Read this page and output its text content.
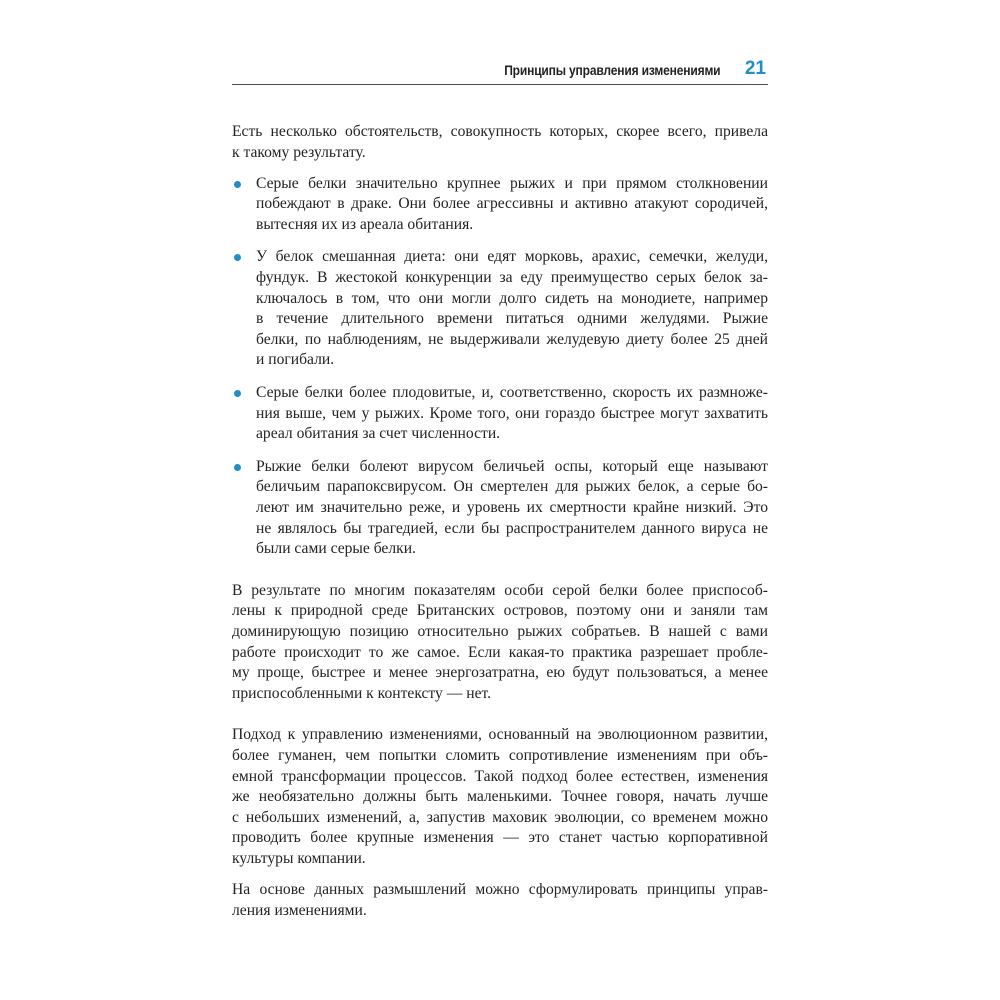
Принципы управления изменениями 21

Есть несколько обстоятельств, совокупность которых, скорее всего, привела
к такому результату.

Серые белки значительно крупнее рыжих и при прямом столкновении
побеждают в драке. Они более агрессивны и активно атакуют сородичей,
вытесняя их из ареала обитания.
У белок смешанная диета: они едят морковь, арахис, семечки, желуди,
фундук. В жестокой конкуренции за еду преимущество серых белок за-
ключалось в том, что они могли долго сидеть на монодиете, например
в течение длительного времени питаться одними желудями. Рыжие
белки, по наблюдениям, не выдерживали желудевую диету более 25 дней
и погибали.
Серые белки более плодовитые, и, соответственно, скорость их размноже-
ния выше, чем у рыжих. Кроме того, они гораздо быстрее могут захватить
ареал обитания за счет численности.
Рыжие белки болеют вирусом беличьей оспы, который еще называют
беличьим парапоксвирусом. Он смертелен для рыжих белок, а серые бо-
леют им значительно реже, и уровень их смертности крайне низкий. Это
не являлось бы трагедией, если бы распространителем данного вируса не
были сами серые белки.

В результате по многим показателям особи серой белки более приспособ-
лены к природной среде Британских островов, поэтому они и заняли там
доминирующую позицию относительно рыжих собратьев. В нашей с вами
работе происходит то же самое. Если какая-то практика разрешает пробле-
му проще, быстрее и менее энергозатратна, ею будут пользоваться, а менее
приспособленными к контексту — нет.

Подход к управлению изменениями, основанный на эволюционном развитии,
более гуманен, чем попытки сломить сопротивление изменениям при объ-
емной трансформации процессов. Такой подход более естествен, изменения
же необязательно должны быть маленькими. Точнее говоря, начать лучше
с небольших изменений, а, запустив маховик эволюции, со временем можно
проводить более крупные изменения — это станет частью корпоративной
культуры компании.

На основе данных размышлений можно сформулировать принципы управ-
ления изменениями.
